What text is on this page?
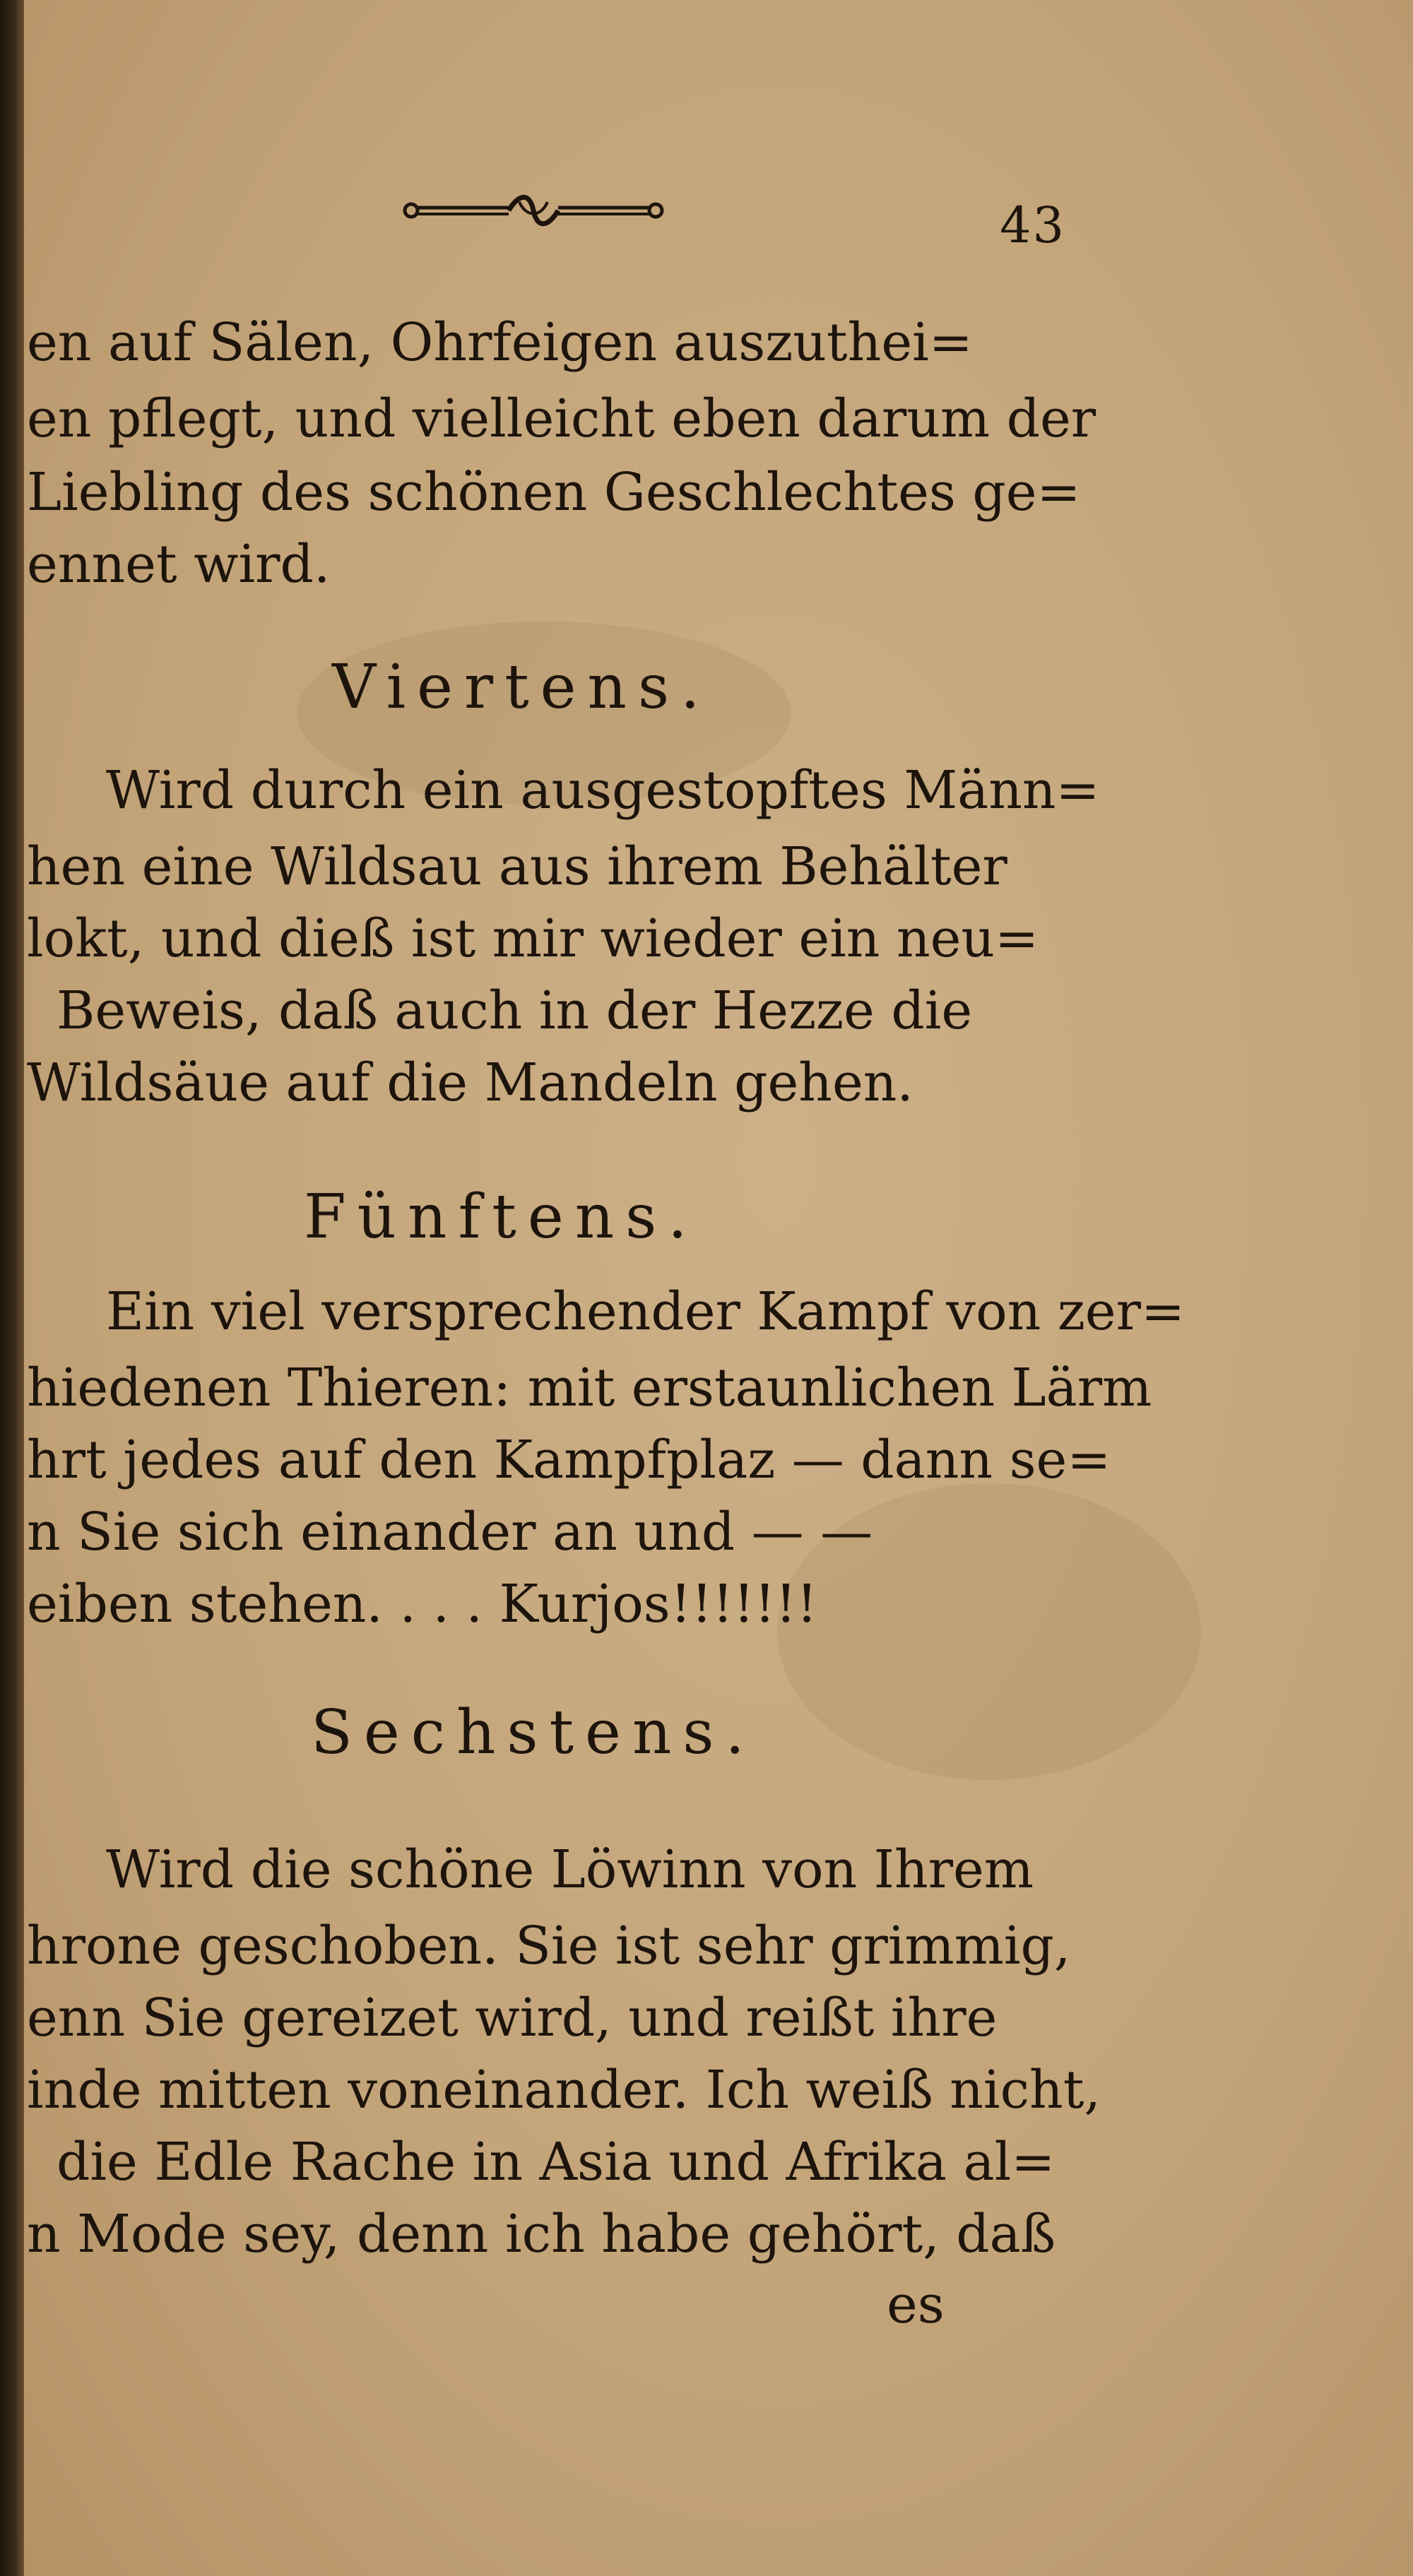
43

en auf Sälen, Ohrfeigen auszuthei=

en pflegt, und vielleicht eben darum der

Liebling des schönen Geschlechtes ge=

ennet wird.

Viertens.

Wird durch ein ausgestopftes Männ=

hen eine Wildsau aus ihrem Behälter

lokt, und dieß ist mir wieder ein neu=

Beweis, daß auch in der Hezze die

Wildsäue auf die Mandeln gehen.

Fünftens.

Ein viel versprechender Kampf von zer=

hiedenen Thieren: mit erstaunlichen Lärm

hrt jedes auf den Kampfplaz — dann se=

n Sie sich einander an und — —

eiben stehen. . . . Kurjos!!!!!!!

Sechstens.

Wird die schöne Löwinn von Ihrem

hrone geschoben. Sie ist sehr grimmig,

enn Sie gereizet wird, und reißt ihre

inde mitten voneinander. Ich weiß nicht,

die Edle Rache in Asia und Afrika al=

n Mode sey, denn ich habe gehört, daß

es
